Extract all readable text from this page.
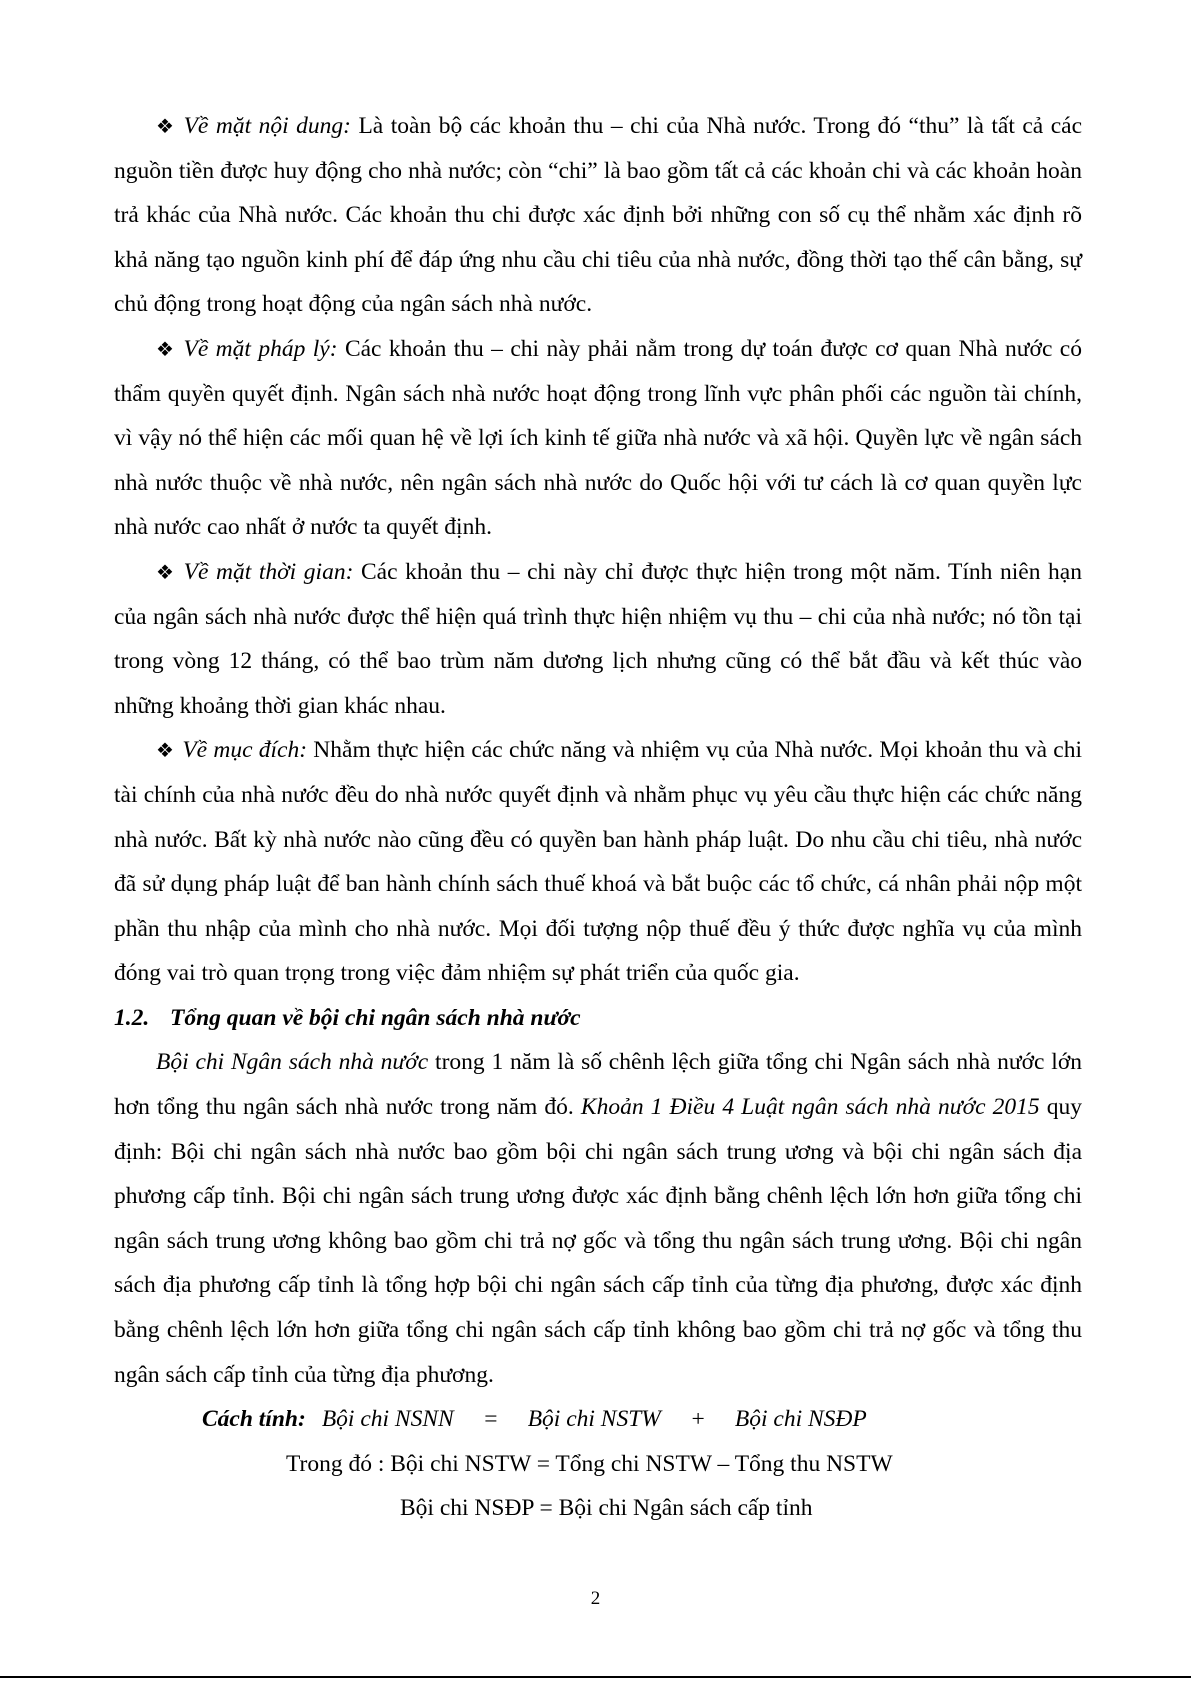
❖ Về mặt nội dung: Là toàn bộ các khoản thu – chi của Nhà nước. Trong đó “thu” là tất cả các nguồn tiền được huy động cho nhà nước; còn “chi” là bao gồm tất cả các khoản chi và các khoản hoàn trả khác của Nhà nước. Các khoản thu chi được xác định bởi những con số cụ thể nhằm xác định rõ khả năng tạo nguồn kinh phí để đáp ứng nhu cầu chi tiêu của nhà nước, đồng thời tạo thế cân bằng, sự chủ động trong hoạt động của ngân sách nhà nước.

❖ Về mặt pháp lý: Các khoản thu – chi này phải nằm trong dự toán được cơ quan Nhà nước có thẩm quyền quyết định. Ngân sách nhà nước hoạt động trong lĩnh vực phân phối các nguồn tài chính, vì vậy nó thể hiện các mối quan hệ về lợi ích kinh tế giữa nhà nước và xã hội. Quyền lực về ngân sách nhà nước thuộc về nhà nước, nên ngân sách nhà nước do Quốc hội với tư cách là cơ quan quyền lực nhà nước cao nhất ở nước ta quyết định.

❖ Về mặt thời gian: Các khoản thu – chi này chỉ được thực hiện trong một năm. Tính niên hạn của ngân sách nhà nước được thể hiện quá trình thực hiện nhiệm vụ thu – chi của nhà nước; nó tồn tại trong vòng 12 tháng, có thể bao trùm năm dương lịch nhưng cũng có thể bắt đầu và kết thúc vào những khoảng thời gian khác nhau.

❖ Về mục đích: Nhằm thực hiện các chức năng và nhiệm vụ của Nhà nước. Mọi khoản thu và chi tài chính của nhà nước đều do nhà nước quyết định và nhằm phục vụ yêu cầu thực hiện các chức năng nhà nước. Bất kỳ nhà nước nào cũng đều có quyền ban hành pháp luật. Do nhu cầu chi tiêu, nhà nước đã sử dụng pháp luật để ban hành chính sách thuế khoá và bắt buộc các tổ chức, cá nhân phải nộp một phần thu nhập của mình cho nhà nước. Mọi đối tượng nộp thuế đều ý thức được nghĩa vụ của mình đóng vai trò quan trọng trong việc đảm nhiệm sự phát triển của quốc gia.

1.2. Tổng quan về bội chi ngân sách nhà nước

Bội chi Ngân sách nhà nước trong 1 năm là số chênh lệch giữa tổng chi Ngân sách nhà nước lớn hơn tổng thu ngân sách nhà nước trong năm đó. Khoản 1 Điều 4 Luật ngân sách nhà nước 2015 quy định: Bội chi ngân sách nhà nước bao gồm bội chi ngân sách trung ương và bội chi ngân sách địa phương cấp tỉnh. Bội chi ngân sách trung ương được xác định bằng chênh lệch lớn hơn giữa tổng chi ngân sách trung ương không bao gồm chi trả nợ gốc và tổng thu ngân sách trung ương. Bội chi ngân sách địa phương cấp tỉnh là tổng hợp bội chi ngân sách cấp tỉnh của từng địa phương, được xác định bằng chênh lệch lớn hơn giữa tổng chi ngân sách cấp tỉnh không bao gồm chi trả nợ gốc và tổng thu ngân sách cấp tỉnh của từng địa phương.

Cách tính: Bội chi NSNN = Bội chi NSTW + Bội chi NSĐP
Trong đó : Bội chi NSTW = Tổng chi NSTW – Tổng thu NSTW
Bội chi NSĐP = Bội chi Ngân sách cấp tỉnh
2
